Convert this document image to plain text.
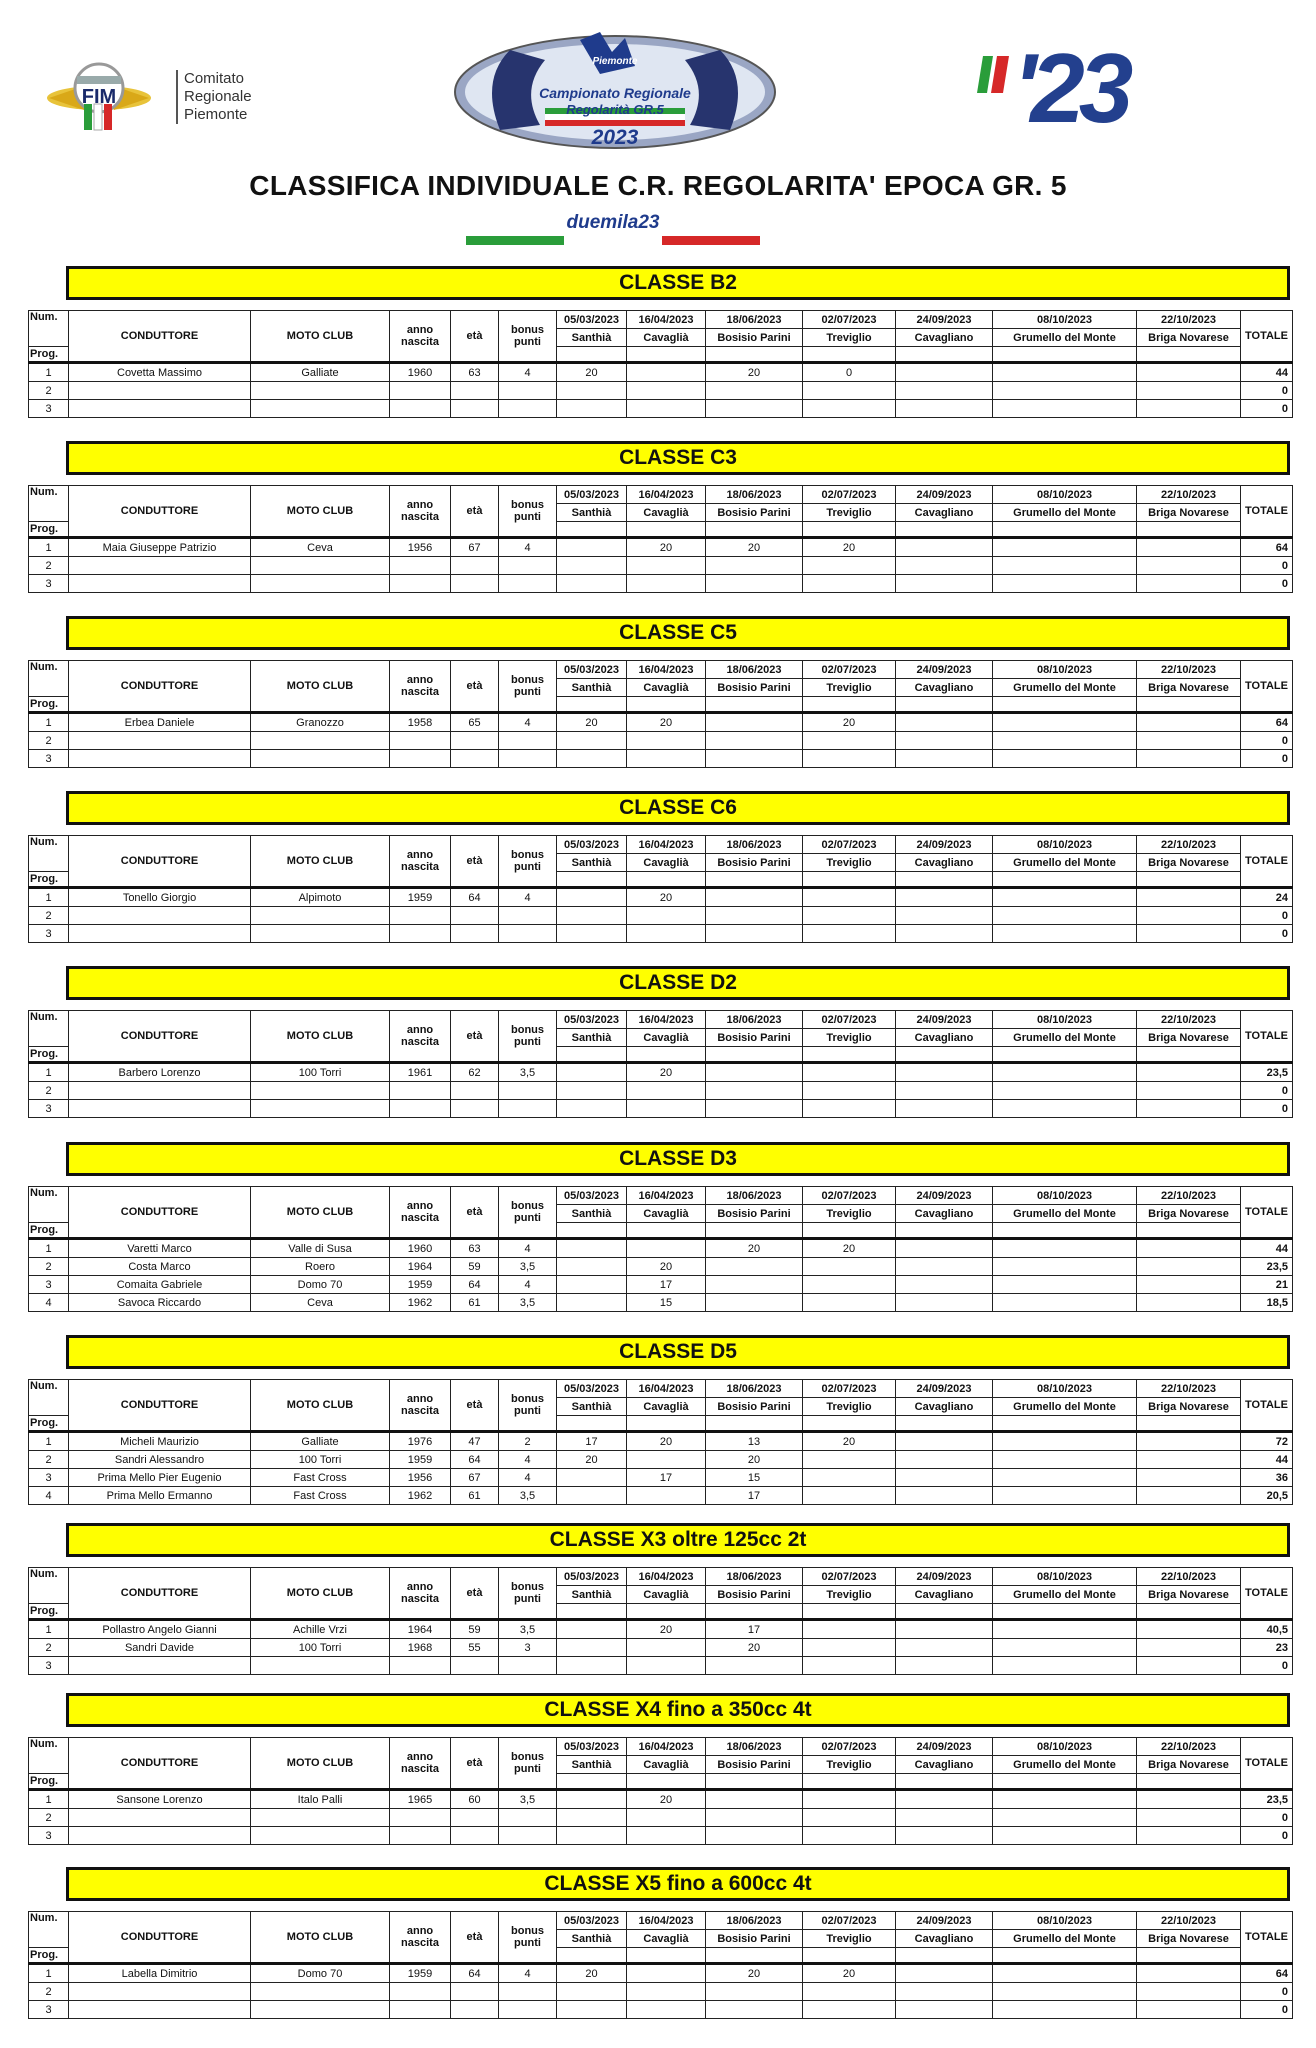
FIM
Comitato
Regionale
Piemonte
Piemonte
Campionato Regionale
Regolarità GR.5
2023	'23
CLASSIFICA INDIVIDUALE C.R. REGOLARITA' EPOCA GR. 5
duemila23
CLASSE B2
Num.	CONDUTTORE	MOTO CLUB	anno nascita	età	bonus punti	05/03/2023	16/04/2023	18/06/2023	02/07/2023	24/09/2023	08/10/2023	22/10/2023	TOTALE
						Santhià	Cavaglià	Bosisio Parini	Treviglio	Cavagliano	Grumello del Monte	Briga Novarese	
Prog.													
1	Covetta Massimo	Galliate	1960	63	4	20		20	0				44
2													0
3													0
CLASSE C3
Num.	CONDUTTORE	MOTO CLUB	anno nascita	età	bonus punti	05/03/2023	16/04/2023	18/06/2023	02/07/2023	24/09/2023	08/10/2023	22/10/2023	TOTALE
						Santhià	Cavaglià	Bosisio Parini	Treviglio	Cavagliano	Grumello del Monte	Briga Novarese	
Prog.													
1	Maia Giuseppe Patrizio	Ceva	1956	67	4		20	20	20				64
2													0
3													0
CLASSE C5
Num.	CONDUTTORE	MOTO CLUB	anno nascita	età	bonus punti	05/03/2023	16/04/2023	18/06/2023	02/07/2023	24/09/2023	08/10/2023	22/10/2023	TOTALE
						Santhià	Cavaglià	Bosisio Parini	Treviglio	Cavagliano	Grumello del Monte	Briga Novarese	
Prog.													
1	Erbea Daniele	Granozzo	1958	65	4	20	20		20				64
2													0
3													0
CLASSE C6
Num.	CONDUTTORE	MOTO CLUB	anno nascita	età	bonus punti	05/03/2023	16/04/2023	18/06/2023	02/07/2023	24/09/2023	08/10/2023	22/10/2023	TOTALE
						Santhià	Cavaglià	Bosisio Parini	Treviglio	Cavagliano	Grumello del Monte	Briga Novarese	
Prog.													
1	Tonello Giorgio	Alpimoto	1959	64	4		20						24
2													0
3													0
CLASSE D2
Num.	CONDUTTORE	MOTO CLUB	anno nascita	età	bonus punti	05/03/2023	16/04/2023	18/06/2023	02/07/2023	24/09/2023	08/10/2023	22/10/2023	TOTALE
						Santhià	Cavaglià	Bosisio Parini	Treviglio	Cavagliano	Grumello del Monte	Briga Novarese	
Prog.													
1	Barbero Lorenzo	100 Torri	1961	62	3,5		20						23,5
2													0
3													0
CLASSE D3
Num.	CONDUTTORE	MOTO CLUB	anno nascita	età	bonus punti	05/03/2023	16/04/2023	18/06/2023	02/07/2023	24/09/2023	08/10/2023	22/10/2023	TOTALE
						Santhià	Cavaglià	Bosisio Parini	Treviglio	Cavagliano	Grumello del Monte	Briga Novarese	
Prog.													
1	Varetti Marco	Valle di Susa	1960	63	4			20	20				44
2	Costa Marco	Roero	1964	59	3,5		20						23,5
3	Comaita Gabriele	Domo 70	1959	64	4		17						21
4	Savoca Riccardo	Ceva	1962	61	3,5		15						18,5
CLASSE D5
Num.	CONDUTTORE	MOTO CLUB	anno nascita	età	bonus punti	05/03/2023	16/04/2023	18/06/2023	02/07/2023	24/09/2023	08/10/2023	22/10/2023	TOTALE
						Santhià	Cavaglià	Bosisio Parini	Treviglio	Cavagliano	Grumello del Monte	Briga Novarese	
Prog.													
1	Micheli Maurizio	Galliate	1976	47	2	17	20	13	20				72
2	Sandri Alessandro	100 Torri	1959	64	4	20		20					44
3	Prima Mello Pier Eugenio	Fast Cross	1956	67	4		17	15					36
4	Prima Mello Ermanno	Fast Cross	1962	61	3,5			17					20,5
CLASSE X3 oltre 125cc 2t
Num.	CONDUTTORE	MOTO CLUB	anno nascita	età	bonus punti	05/03/2023	16/04/2023	18/06/2023	02/07/2023	24/09/2023	08/10/2023	22/10/2023	TOTALE
						Santhià	Cavaglià	Bosisio Parini	Treviglio	Cavagliano	Grumello del Monte	Briga Novarese	
Prog.													
1	Pollastro Angelo Gianni	Achille Vrzi	1964	59	3,5		20	17					40,5
2	Sandri Davide	100 Torri	1968	55	3			20					23
3													0
CLASSE X4 fino a 350cc 4t
Num.	CONDUTTORE	MOTO CLUB	anno nascita	età	bonus punti	05/03/2023	16/04/2023	18/06/2023	02/07/2023	24/09/2023	08/10/2023	22/10/2023	TOTALE
						Santhià	Cavaglià	Bosisio Parini	Treviglio	Cavagliano	Grumello del Monte	Briga Novarese	
Prog.													
1	Sansone Lorenzo	Italo Palli	1965	60	3,5		20						23,5
2													0
3													0
CLASSE X5 fino a 600cc 4t
Num.	CONDUTTORE	MOTO CLUB	anno nascita	età	bonus punti	05/03/2023	16/04/2023	18/06/2023	02/07/2023	24/09/2023	08/10/2023	22/10/2023	TOTALE
						Santhià	Cavaglià	Bosisio Parini	Treviglio	Cavagliano	Grumello del Monte	Briga Novarese	
Prog.													
1	Labella Dimitrio	Domo 70	1959	64	4	20		20	20				64
2													0
3													0
